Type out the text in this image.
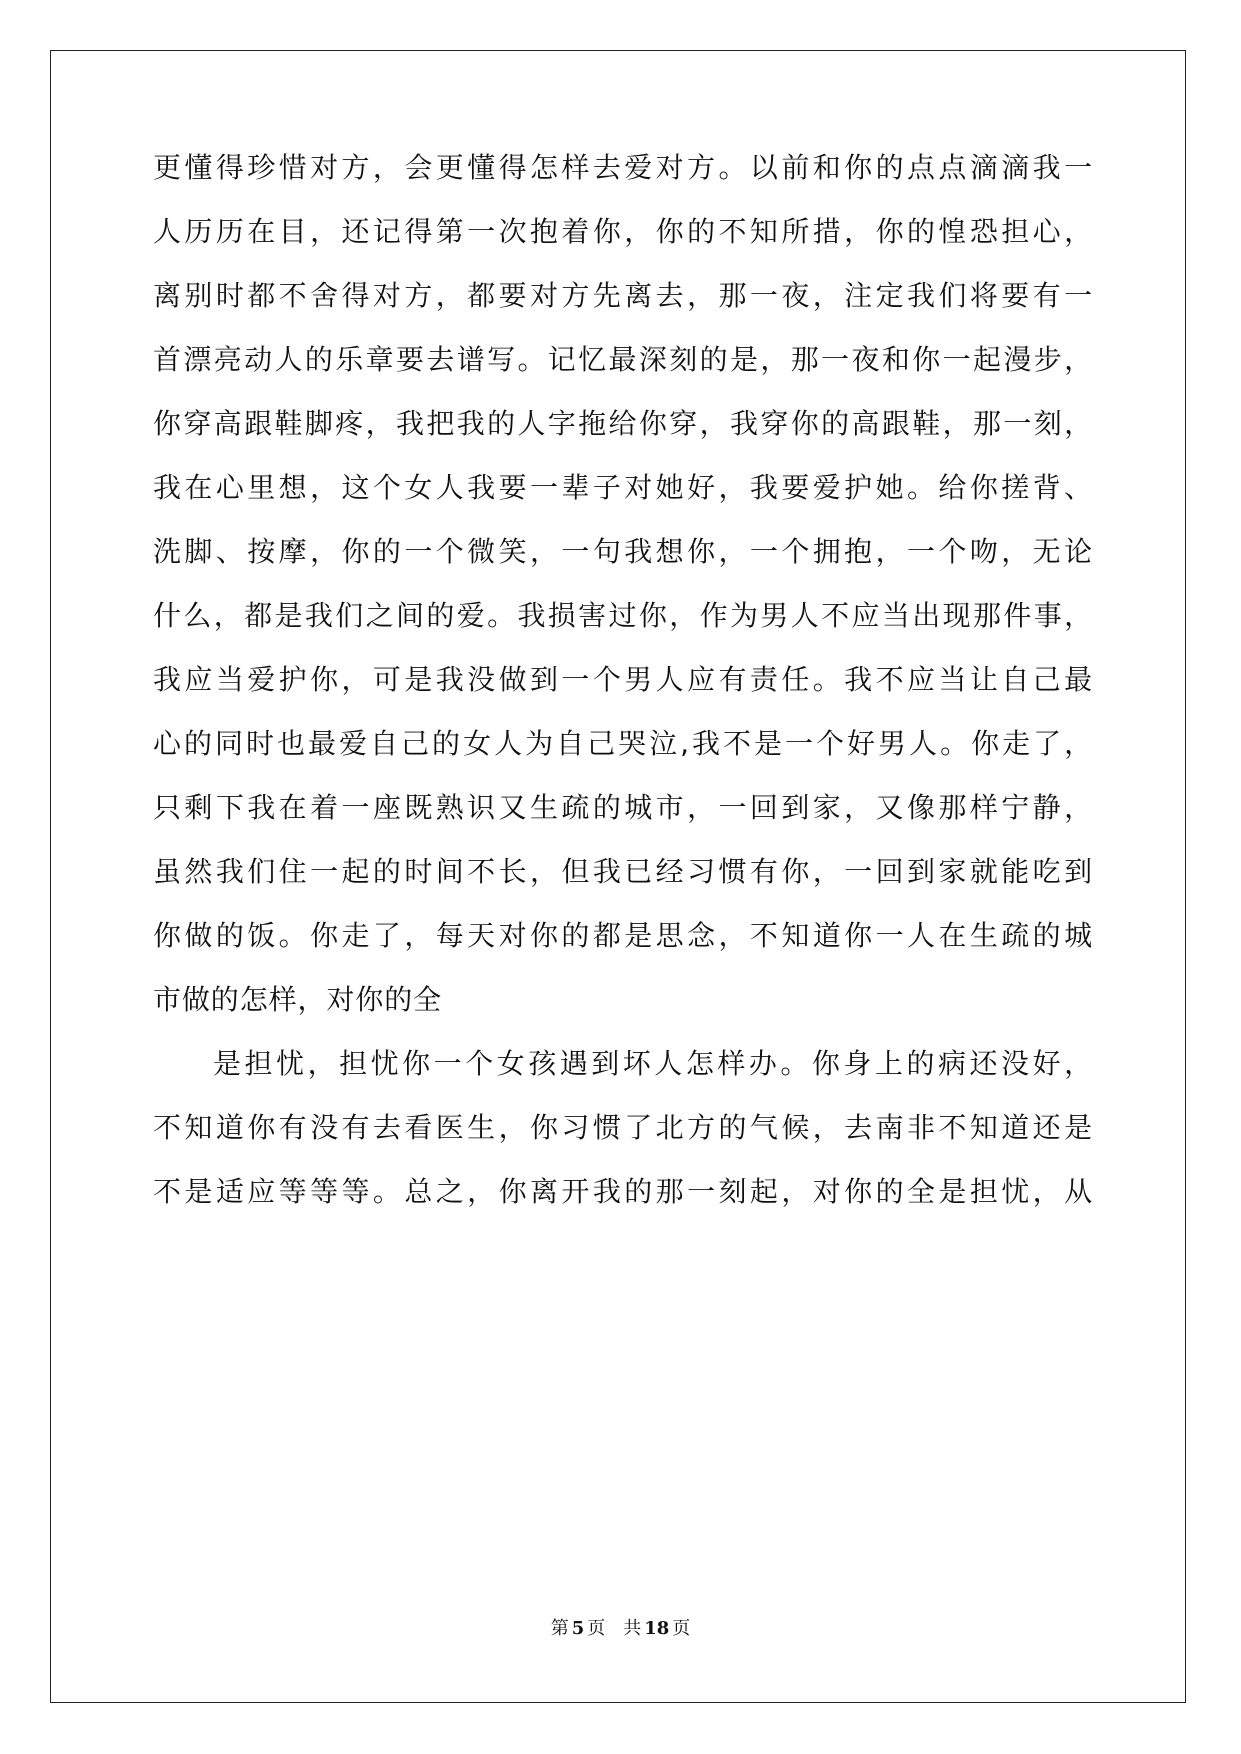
更懂得珍惜对方，会更懂得怎样去爱对方。以前和你的点点滴滴我一
人历历在目，还记得第一次抱着你，你的不知所措，你的惶恐担心，
离别时都不舍得对方，都要对方先离去，那一夜，注定我们将要有一
首漂亮动人的乐章要去谱写。记忆最深刻的是，那一夜和你一起漫步，
你穿高跟鞋脚疼，我把我的人字拖给你穿，我穿你的高跟鞋，那一刻，
我在心里想，这个女人我要一辈子对她好，我要爱护她。给你搓背、
洗脚、按摩，你的一个微笑，一句我想你，一个拥抱，一个吻，无论
什么，都是我们之间的爱。我损害过你，作为男人不应当出现那件事，
我应当爱护你，可是我没做到一个男人应有责任。我不应当让自己最
心的同时也最爱自己的女人为自己哭泣,我不是一个好男人。你走了，
只剩下我在着一座既熟识又生疏的城市，一回到家，又像那样宁静，
虽然我们住一起的时间不长，但我已经习惯有你，一回到家就能吃到
你做的饭。你走了，每天对你的都是思念，不知道你一人在生疏的城
市做的怎样，对你的全
是担忧，担忧你一个女孩遇到坏人怎样办。你身上的病还没好，
不知道你有没有去看医生，你习惯了北方的气候，去南非不知道还是
不是适应等等等。总之，你离开我的那一刻起，对你的全是担忧，从
第 5 页 共 18 页
